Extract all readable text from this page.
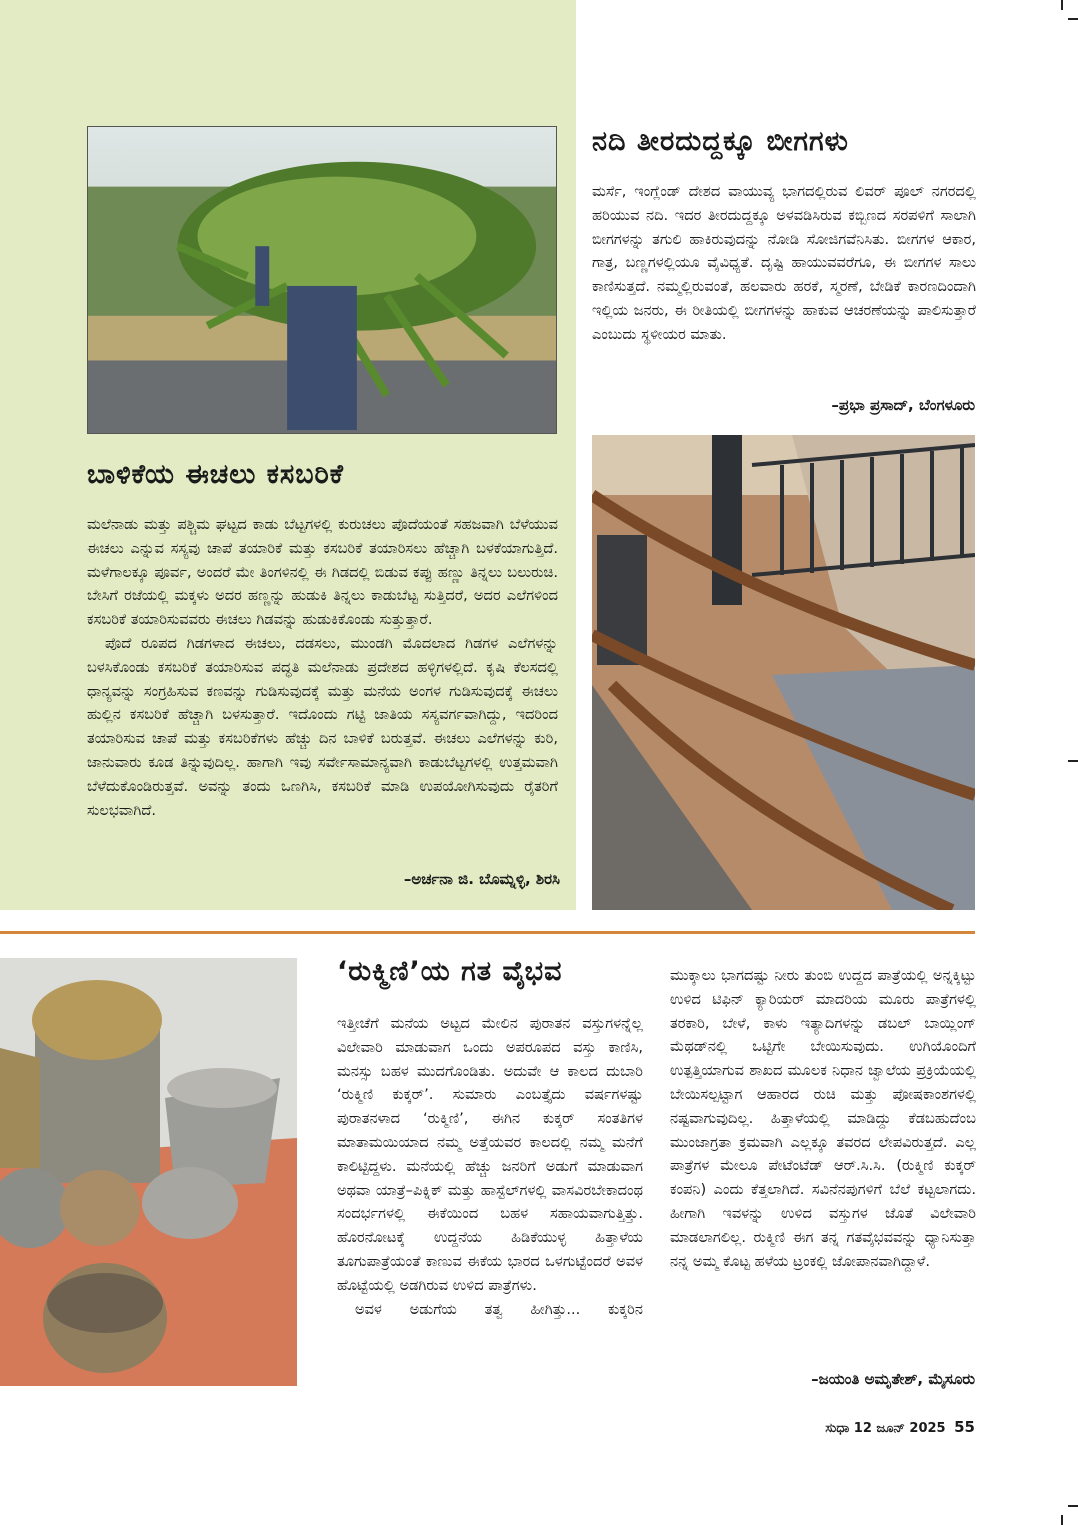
ಬಾಳಿಕೆಯ ಈಚಲು ಕಸಬರಿಕೆ

ಮಲೆನಾಡು ಮತ್ತು ಪಶ್ಚಿಮ ಘಟ್ಟದ ಕಾಡು ಬೆಟ್ಟಗಳಲ್ಲಿ ಕುರುಚಲು ಪೊದೆಯಂತೆ ಸಹಜವಾಗಿ ಬೆಳೆಯುವ ಈಚಲು ಎನ್ನುವ ಸಸ್ಯವು ಚಾಪೆ ತಯಾರಿಕೆ ಮತ್ತು ಕಸಬರಿಕೆ ತಯಾರಿಸಲು ಹೆಚ್ಚಾಗಿ ಬಳಕೆಯಾಗುತ್ತಿದೆ. ಮಳೆಗಾಲಕ್ಕೂ ಪೂರ್ವ, ಅಂದರೆ ಮೇ ತಿಂಗಳಿನಲ್ಲಿ ಈ ಗಿಡದಲ್ಲಿ ಬಿಡುವ ಕಪ್ಪು ಹಣ್ಣು ತಿನ್ನಲು ಬಲುರುಚಿ. ಬೇಸಿಗೆ ರಜೆಯಲ್ಲಿ ಮಕ್ಕಳು ಅದರ ಹಣ್ಣನ್ನು ಹುಡುಕಿ ತಿನ್ನಲು ಕಾಡುಬೆಟ್ಟ ಸುತ್ತಿದರೆ, ಅದರ ಎಲೆಗಳಿಂದ ಕಸಬರಿಕೆ ತಯಾರಿಸುವವರು ಈಚಲು ಗಿಡವನ್ನು ಹುಡುಕಿಕೊಂಡು ಸುತ್ತುತ್ತಾರೆ.

ಪೊದೆ ರೂಪದ ಗಿಡಗಳಾದ ಈಚಲು, ದಡಸಲು, ಮುಂಡಗಿ ಮೊದಲಾದ ಗಿಡಗಳ ಎಲೆಗಳನ್ನು ಬಳಸಿಕೊಂಡು ಕಸಬರಿಕೆ ತಯಾರಿಸುವ ಪದ್ಧತಿ ಮಲೆನಾಡು ಪ್ರದೇಶದ ಹಳ್ಳಿಗಳಲ್ಲಿದೆ. ಕೃಷಿ ಕೆಲಸದಲ್ಲಿ ಧಾನ್ಯವನ್ನು ಸಂಗ್ರಹಿಸುವ ಕಣವನ್ನು ಗುಡಿಸುವುದಕ್ಕೆ ಮತ್ತು ಮನೆಯ ಅಂಗಳ ಗುಡಿಸುವುದಕ್ಕೆ ಈಚಲು ಹುಲ್ಲಿನ ಕಸಬರಿಕೆ ಹೆಚ್ಚಾಗಿ ಬಳಸುತ್ತಾರೆ. ಇದೊಂದು ಗಟ್ಟಿ ಜಾತಿಯ ಸಸ್ಯವರ್ಗವಾಗಿದ್ದು, ಇದರಿಂದ ತಯಾರಿಸುವ ಚಾಪೆ ಮತ್ತು ಕಸಬರಿಕೆಗಳು ಹೆಚ್ಚು ದಿನ ಬಾಳಿಕೆ ಬರುತ್ತವೆ. ಈಚಲು ಎಲೆಗಳನ್ನು ಕುರಿ, ಜಾನುವಾರು ಕೂಡ ತಿನ್ನುವುದಿಲ್ಲ. ಹಾಗಾಗಿ ಇವು ಸರ್ವೇಸಾಮಾನ್ಯವಾಗಿ ಕಾಡುಬೆಟ್ಟಗಳಲ್ಲಿ ಉತ್ತಮವಾಗಿ ಬೆಳೆದುಕೊಂಡಿರುತ್ತವೆ. ಅವನ್ನು ತಂದು ಒಣಗಿಸಿ, ಕಸಬರಿಕೆ ಮಾಡಿ ಉಪಯೋಗಿಸುವುದು ರೈತರಿಗೆ ಸುಲಭವಾಗಿದೆ.

–ಅರ್ಚನಾ ಜಿ. ಬೊಮ್ನಳ್ಳಿ, ಶಿರಸಿ
ನದಿ ತೀರದುದ್ದಕ್ಕೂ ಬೀಗಗಳು

ಮರ್ಸೆ, ಇಂಗ್ಲೆಂಡ್ ದೇಶದ ವಾಯುವ್ಯ ಭಾಗದಲ್ಲಿರುವ ಲಿವರ್ ಪೂಲ್ ನಗರದಲ್ಲಿ ಹರಿಯುವ ನದಿ. ಇದರ ತೀರದುದ್ದಕ್ಕೂ ಅಳವಡಿಸಿರುವ ಕಬ್ಬಿಣದ ಸರಪಳಿಗೆ ಸಾಲಾಗಿ ಬೀಗಗಳನ್ನು ತಗುಲಿ ಹಾಕಿರುವುದನ್ನು ನೋಡಿ ಸೋಜಿಗವೆನಿಸಿತು. ಬೀಗಗಳ ಆಕಾರ, ಗಾತ್ರ, ಬಣ್ಣಗಳಲ್ಲಿಯೂ ವೈವಿಧ್ಯತೆ. ದೃಷ್ಟಿ ಹಾಯುವವರೆಗೂ, ಈ ಬೀಗಗಳ ಸಾಲು ಕಾಣಿಸುತ್ತದೆ. ನಮ್ಮಲ್ಲಿರುವಂತೆ, ಹಲವಾರು ಹರಕೆ, ಸ್ಮರಣೆ, ಬೇಡಿಕೆ ಕಾರಣದಿಂದಾಗಿ ಇಲ್ಲಿಯ ಜನರು, ಈ ರೀತಿಯಲ್ಲಿ ಬೀಗಗಳನ್ನು ಹಾಕುವ ಆಚರಣೆಯನ್ನು ಪಾಲಿಸುತ್ತಾರೆ ಎಂಬುದು ಸ್ಥಳೀಯರ ಮಾತು.

–ಪ್ರಭಾ ಪ್ರಸಾದ್, ಬೆಂಗಳೂರು
‘ರುಕ್ಮಿಣಿ’ಯ ಗತ ವೈಭವ

ಇತ್ತೀಚೆಗೆ ಮನೆಯ ಅಟ್ಟದ ಮೇಲಿನ ಪುರಾತನ ವಸ್ತುಗಳನ್ನೆಲ್ಲ ವಿಲೇವಾರಿ ಮಾಡುವಾಗ ಒಂದು ಅಪರೂಪದ ವಸ್ತು ಕಾಣಿಸಿ, ಮನಸ್ಸು ಬಹಳ ಮುದಗೊಂಡಿತು. ಅದುವೇ ಆ ಕಾಲದ ದುಬಾರಿ ‘ರುಕ್ಮಿಣಿ ಕುಕ್ಕರ್’. ಸುಮಾರು ಎಂಬತ್ತೈದು ವರ್ಷಗಳಷ್ಟು ಪುರಾತನಳಾದ ‘ರುಕ್ಮಿಣಿ’, ಈಗಿನ ಕುಕ್ಕರ್ ಸಂತತಿಗಳ ಮಾತಾಮಯಿಯಾದ ನಮ್ಮ ಅತ್ತೆಯವರ ಕಾಲದಲ್ಲಿ ನಮ್ಮ ಮನೆಗೆ ಕಾಲಿಟ್ಟಿದ್ದಳು. ಮನೆಯಲ್ಲಿ ಹೆಚ್ಚು ಜನರಿಗೆ ಅಡುಗೆ ಮಾಡುವಾಗ ಅಥವಾ ಯಾತ್ರೆ–ಪಿಕ್ನಿಕ್ ಮತ್ತು ಹಾಸ್ಟೆಲ್‌ಗಳಲ್ಲಿ ವಾಸವಿರಬೇಕಾದಂಥ ಸಂದರ್ಭಗಳಲ್ಲಿ ಈಕೆಯಿಂದ ಬಹಳ ಸಹಾಯವಾಗುತ್ತಿತ್ತು. ಹೊರನೋಟಕ್ಕೆ ಉದ್ದನೆಯ ಹಿಡಿಕೆಯುಳ್ಳ ಹಿತ್ತಾಳೆಯ ತೂಗುಪಾತ್ರೆಯಂತೆ ಕಾಣುವ ಈಕೆಯ ಭಾರದ ಒಳಗುಟ್ಟೆಂದರೆ ಅವಳ ಹೊಟ್ಟೆಯಲ್ಲಿ ಅಡಗಿರುವ ಉಳಿದ ಪಾತ್ರೆಗಳು.

ಅವಳ ಅಡುಗೆಯ ತತ್ವ ಹೀಗಿತ್ತು... ಕುಕ್ಕರಿನ

ಮುಕ್ಕಾಲು ಭಾಗದಷ್ಟು ನೀರು ತುಂಬಿ ಉದ್ದದ ಪಾತ್ರೆಯಲ್ಲಿ ಅನ್ನಕ್ಕಿಟ್ಟು ಉಳಿದ ಟಿಫಿನ್ ಕ್ಯಾರಿಯರ್ ಮಾದರಿಯ ಮೂರು ಪಾತ್ರೆಗಳಲ್ಲಿ ತರಕಾರಿ, ಬೇಳೆ, ಕಾಳು ಇತ್ಯಾದಿಗಳನ್ನು ಡಬಲ್ ಬಾಯ್ಲಿಂಗ್ ಮೆಥಡ್‌ನಲ್ಲಿ ಒಟ್ಟಿಗೇ ಬೇಯಿಸುವುದು. ಉಗಿಯೊಂದಿಗೆ ಉತ್ಪತ್ತಿಯಾಗುವ ಶಾಖದ ಮೂಲಕ ನಿಧಾನ ಜ್ವಾಲೆಯ ಪ್ರಕ್ರಿಯೆಯಲ್ಲಿ ಬೇಯಿಸಲ್ಪಟ್ಟಾಗ ಆಹಾರದ ರುಚಿ ಮತ್ತು ಪೋಷಕಾಂಶಗಳಲ್ಲಿ ನಷ್ಟವಾಗುವುದಿಲ್ಲ. ಹಿತ್ತಾಳೆಯಲ್ಲಿ ಮಾಡಿದ್ದು ಕೆಡಬಹುದೆಂಬ ಮುಂಜಾಗ್ರತಾ ಕ್ರಮವಾಗಿ ಎಲ್ಲಕ್ಕೂ ತವರದ ಲೇಪವಿರುತ್ತದೆ. ಎಲ್ಲ ಪಾತ್ರೆಗಳ ಮೇಲೂ ಪೇಟೆಂಟೆಡ್ ಆರ್.ಸಿ.ಸಿ. (ರುಕ್ಮಿಣಿ ಕುಕ್ಕರ್ ಕಂಪನಿ) ಎಂದು ಕೆತ್ತಲಾಗಿದೆ. ಸವಿನೆನಪುಗಳಿಗೆ ಬೆಲೆ ಕಟ್ಟಲಾಗದು. ಹೀಗಾಗಿ ಇವಳನ್ನು ಉಳಿದ ವಸ್ತುಗಳ ಜೊತೆ ವಿಲೇವಾರಿ ಮಾಡಲಾಗಲಿಲ್ಲ. ರುಕ್ಮಿಣಿ ಈಗ ತನ್ನ ಗತವೈಭವವನ್ನು ಧ್ಯಾನಿಸುತ್ತಾ ನನ್ನ ಅಮ್ಮ ಕೊಟ್ಟ ಹಳೆಯ ಟ್ರಂಕಲ್ಲಿ ಜೋಪಾನವಾಗಿದ್ದಾಳೆ.

–ಜಯಂತಿ ಅಮೃತೇಶ್, ಮೈಸೂರು
ಸುಧಾ 12 ಜೂನ್ 2025 55
